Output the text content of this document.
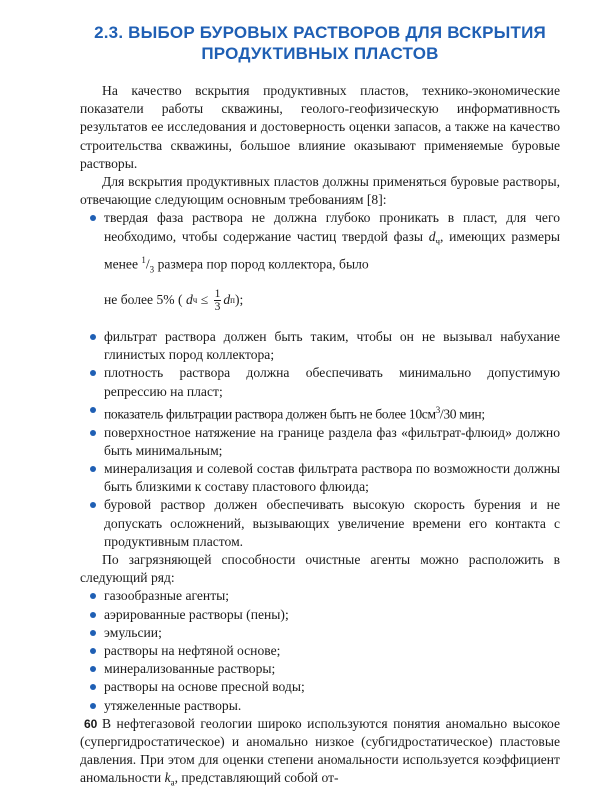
2.3. ВЫБОР БУРОВЫХ РАСТВОРОВ ДЛЯ ВСКРЫТИЯ
ПРОДУКТИВНЫХ ПЛАСТОВ

На качество вскрытия продуктивных пластов, технико-экономические показатели работы скважины, геолого-геофизическую информативность результатов ее исследования и достоверность оценки запасов, а также на качество строительства скважины, большое влияние оказывают применяемые буровые растворы.

Для вскрытия продуктивных пластов должны применяться буровые растворы, отвечающие следующим основным требованиям [8]:

твердая фаза раствора не должна глубоко проникать в пласт, для чего необходимо, чтобы содержание частиц твердой фазы $d_ч$, имеющих размеры менее $^1/_3$ размера пор пород коллектора, было
не более 5% (
d ч
≤
$\frac{1}{3}$ d п );
фильтрат раствора должен быть таким, чтобы он не вызывал набухание глинистых пород коллектора;
плотность раствора должна обеспечивать минимально допустимую репрессию на пласт;
показатель фильтрации раствора должен быть не более $10см^3/30$ мин;
поверхностное натяжение на границе раздела фаз «фильтрат-флюид» должно быть минимальным;
минерализация и солевой состав фильтрата раствора по возможности должны быть близкими к составу пластового флюида;
буровой раствор должен обеспечивать высокую скорость бурения и не допускать осложнений, вызывающих увеличение времени его контакта с продуктивным пластом.

По загрязняющей способности очистные агенты можно расположить в следующий ряд:

газообразные агенты;
аэрированные растворы (пены);
эмульсии;
растворы на нефтяной основе;
минерализованные растворы;
растворы на основе пресной воды;
утяжеленные растворы.

В нефтегазовой геологии широко используются понятия аномально высокое (супергидростатическое) и аномально низкое (субгидростатическое) пластовые давления. При этом для оценки степени аномальности используется коэффициент аномальности $k_а$, представляющий собой от-

60
